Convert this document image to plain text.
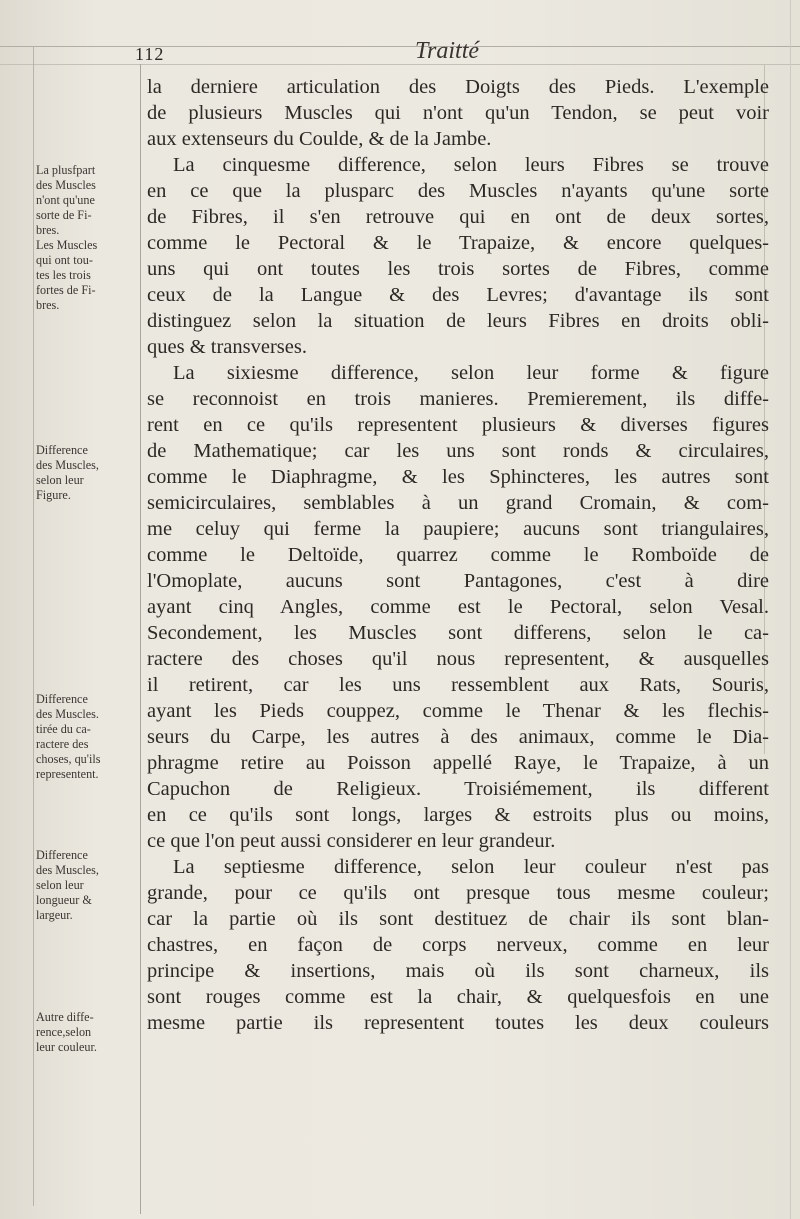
112	Traitté
la derniere articulation des Doigts des Pieds. L'exemple
de plusieurs Muscles qui n'ont qu'un Tendon, se peut voir
aux extenseurs du Coulde, & de la Jambe.
La cinquesme difference, selon leurs Fibres se trouve
en ce que la plusparc des Muscles n'ayants qu'une sorte
de Fibres, il s'en retrouve qui en ont de deux sortes,
comme le Pectoral & le Trapaize, & encore quelques-
uns qui ont toutes les trois sortes de Fibres, comme
ceux de la Langue & des Levres; d'avantage ils sont
distinguez selon la situation de leurs Fibres en droits obli-
ques & transverses.
La sixiesme difference, selon leur forme & figure
se reconnoist en trois manieres. Premierement, ils diffe-
rent en ce qu'ils representent plusieurs & diverses figures
de Mathematique; car les uns sont ronds & circulaires,
comme le Diaphragme, & les Sphincteres, les autres sont
semicirculaires, semblables à un grand Cromain, & com-
me celuy qui ferme la paupiere; aucuns sont triangulaires,
comme le Deltoïde, quarrez comme le Romboïde de
l'Omoplate, aucuns sont Pantagones, c'est à dire
ayant cinq Angles, comme est le Pectoral, selon Vesal.
Secondement, les Muscles sont differens, selon le ca-
ractere des choses qu'il nous representent, & ausquelles
il retirent, car les uns ressemblent aux Rats, Souris,
ayant les Pieds couppez, comme le Thenar & les flechis-
seurs du Carpe, les autres à des animaux, comme le Dia-
phragme retire au Poisson appellé Raye, le Trapaize, à un
Capuchon de Religieux. Troisiémement, ils different
en ce qu'ils sont longs, larges & estroits plus ou moins,
ce que l'on peut aussi considerer en leur grandeur.
La septiesme difference, selon leur couleur n'est pas
grande, pour ce qu'ils ont presque tous mesme couleur;
car la partie où ils sont destituez de chair ils sont blan-
chastres, en façon de corps nerveux, comme en leur
principe & insertions, mais où ils sont charneux, ils
sont rouges comme est la chair, & quelquesfois en une
mesme partie ils representent toutes les deux couleurs
La plusfpart
des Muscles
n'ont qu'une
sorte de Fi-
bres.
Les Muscles
qui ont tou-
tes les trois
fortes de Fi-
bres.
Difference
des Muscles,
selon leur
Figure.
Difference
des Muscles.
tirée du ca-
ractere des
choses, qu'ils
representent.
Difference
des Muscles,
selon leur
longueur &
largeur.
Autre diffe-
rence,selon
leur couleur.
